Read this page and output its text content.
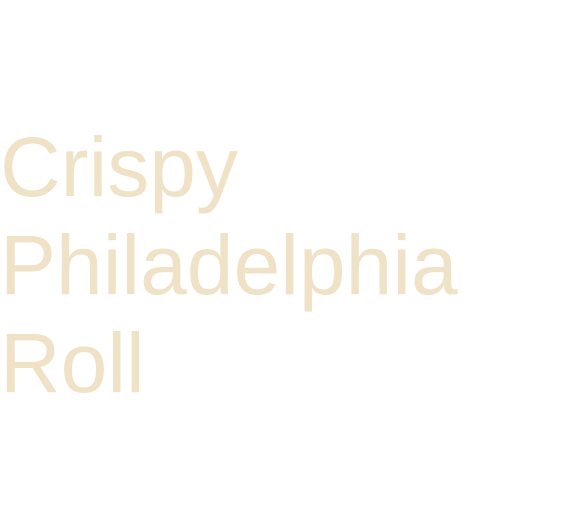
Crispy
Philadelphia
Roll
